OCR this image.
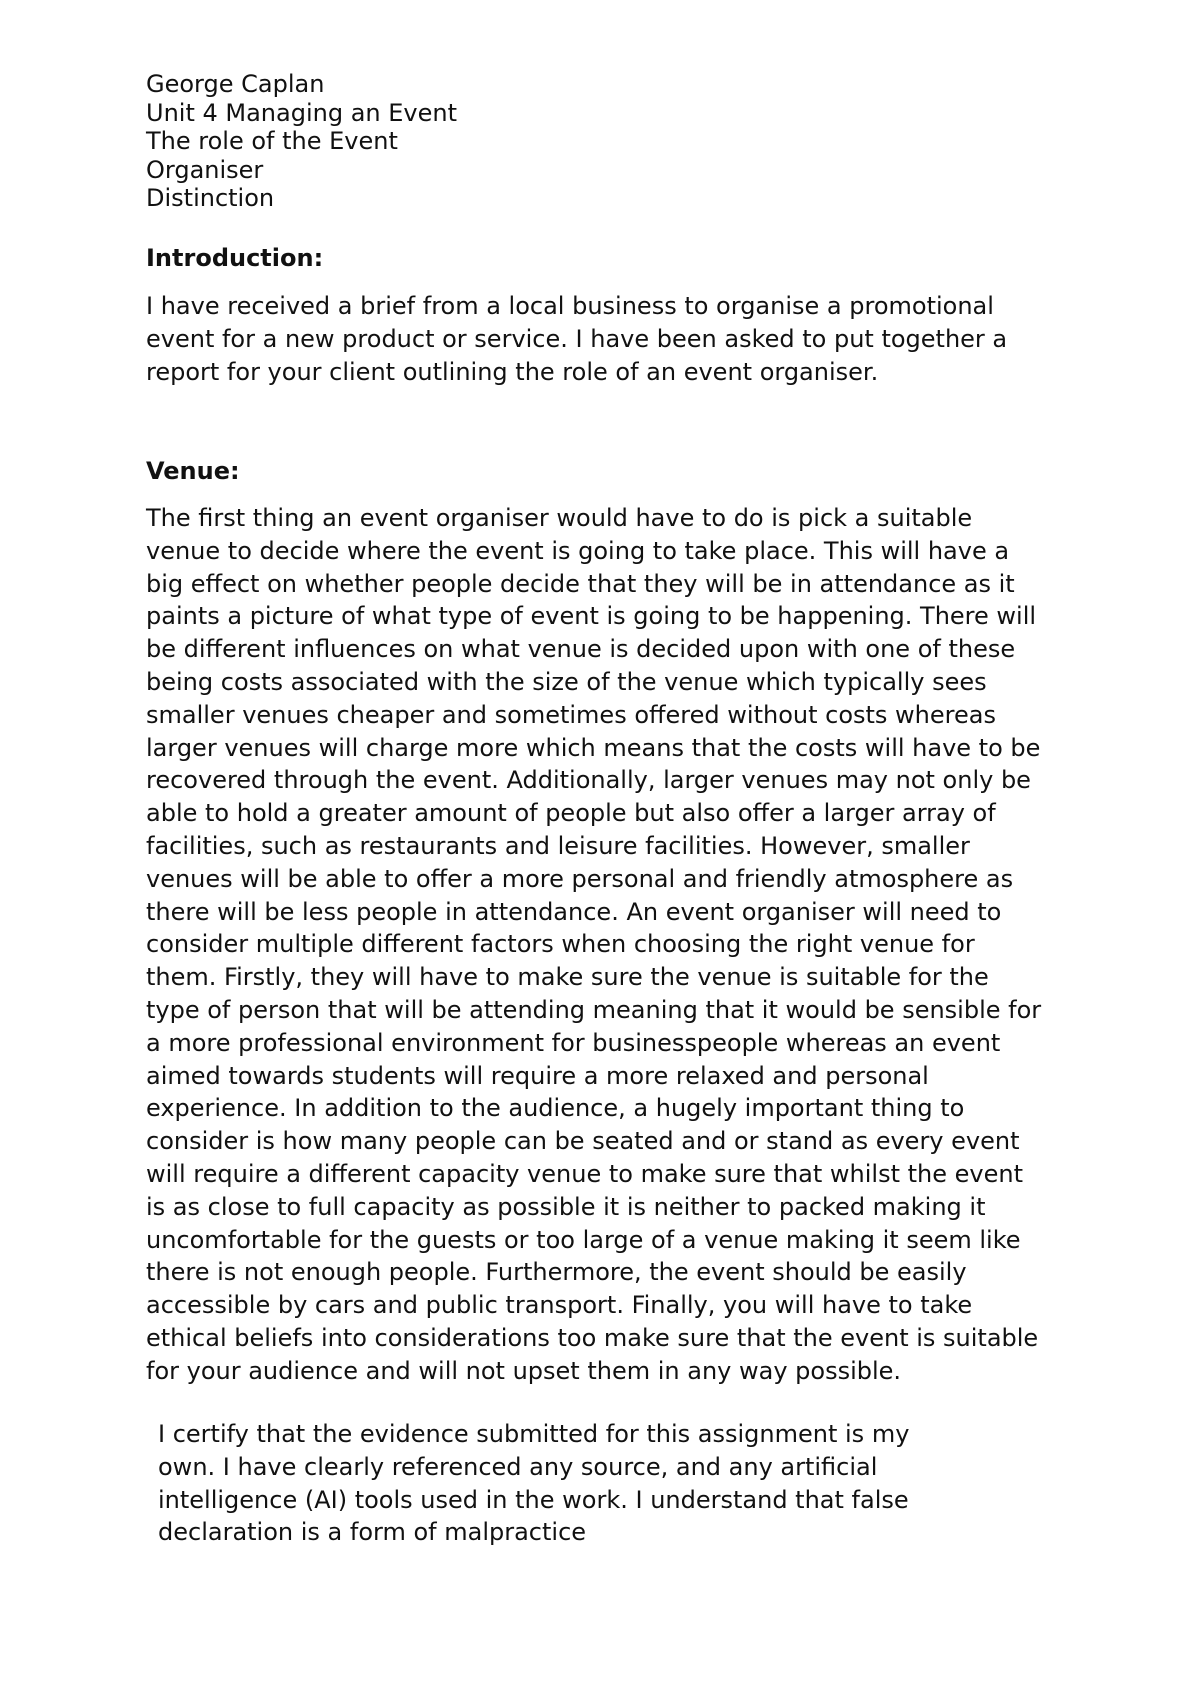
George Caplan
Unit 4 Managing an Event
The role of the Event
Organiser
Distinction
Introduction:
I have received a brief from a local business to organise a promotional
event for a new product or service. I have been asked to put together a
report for your client outlining the role of an event organiser.
Venue:
The first thing an event organiser would have to do is pick a suitable
venue to decide where the event is going to take place. This will have a
big effect on whether people decide that they will be in attendance as it
paints a picture of what type of event is going to be happening. There will
be different influences on what venue is decided upon with one of these
being costs associated with the size of the venue which typically sees
smaller venues cheaper and sometimes offered without costs whereas
larger venues will charge more which means that the costs will have to be
recovered through the event. Additionally, larger venues may not only be
able to hold a greater amount of people but also offer a larger array of
facilities, such as restaurants and leisure facilities. However, smaller
venues will be able to offer a more personal and friendly atmosphere as
there will be less people in attendance. An event organiser will need to
consider multiple different factors when choosing the right venue for
them. Firstly, they will have to make sure the venue is suitable for the
type of person that will be attending meaning that it would be sensible for
a more professional environment for businesspeople whereas an event
aimed towards students will require a more relaxed and personal
experience. In addition to the audience, a hugely important thing to
consider is how many people can be seated and or stand as every event
will require a different capacity venue to make sure that whilst the event
is as close to full capacity as possible it is neither to packed making it
uncomfortable for the guests or too large of a venue making it seem like
there is not enough people. Furthermore, the event should be easily
accessible by cars and public transport. Finally, you will have to take
ethical beliefs into considerations too make sure that the event is suitable
for your audience and will not upset them in any way possible.
I certify that the evidence submitted for this assignment is my
own. I have clearly referenced any source, and any artificial
intelligence (AI) tools used in the work. I understand that false
declaration is a form of malpractice
